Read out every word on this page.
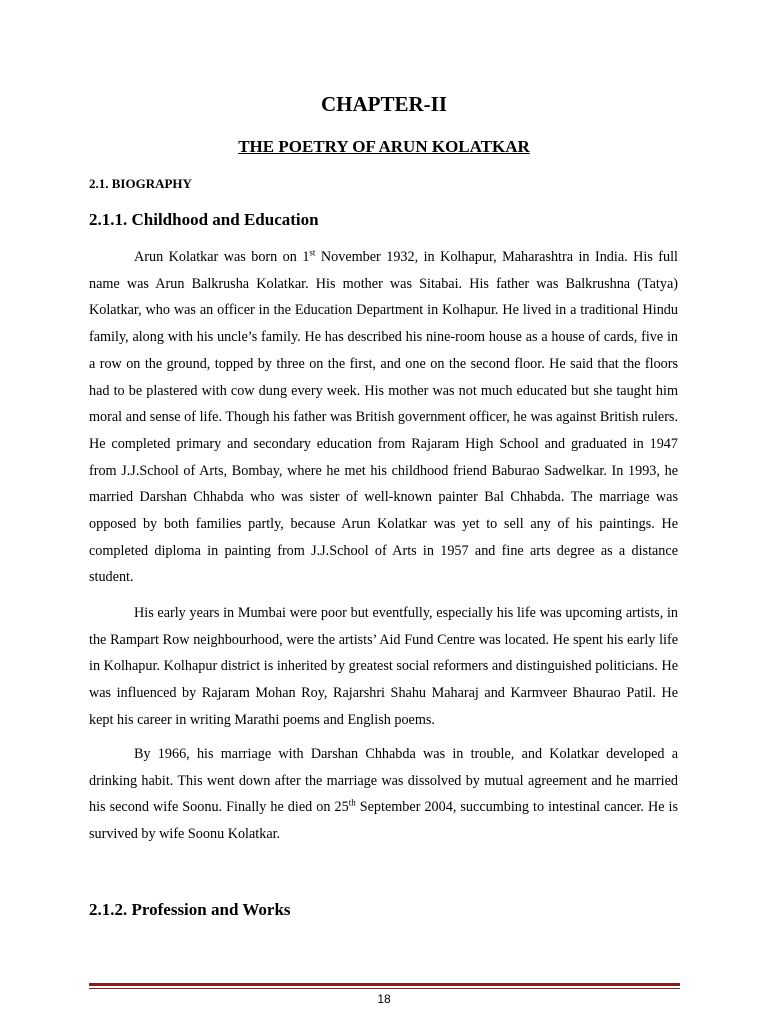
CHAPTER-II
THE POETRY OF ARUN KOLATKAR
2.1. BIOGRAPHY
2.1.1. Childhood and Education

Arun Kolatkar was born on 1st November 1932, in Kolhapur, Maharashtra in India. His full name was Arun Balkrusha Kolatkar. His mother was Sitabai. His father was Balkrushna (Tatya) Kolatkar, who was an officer in the Education Department in Kolhapur. He lived in a traditional Hindu family, along with his uncle’s family. He has described his nine-room house as a house of cards, five in a row on the ground, topped by three on the first, and one on the second floor. He said that the floors had to be plastered with cow dung every week. His mother was not much educated but she taught him moral and sense of life. Though his father was British government officer, he was against British rulers. He completed primary and secondary education from Rajaram High School and graduated in 1947 from J.J.School of Arts, Bombay, where he met his childhood friend Baburao Sadwelkar. In 1993, he married Darshan Chhabda who was sister of well-known painter Bal Chhabda. The marriage was opposed by both families partly, because Arun Kolatkar was yet to sell any of his paintings. He completed diploma in painting from J.J.School of Arts in 1957 and fine arts degree as a distance student.

His early years in Mumbai were poor but eventfully, especially his life was upcoming artists, in the Rampart Row neighbourhood, were the artists’ Aid Fund Centre was located. He spent his early life in Kolhapur. Kolhapur district is inherited by greatest social reformers and distinguished politicians. He was influenced by Rajaram Mohan Roy, Rajarshri Shahu Maharaj and Karmveer Bhaurao Patil. He kept his career in writing Marathi poems and English poems.

By 1966, his marriage with Darshan Chhabda was in trouble, and Kolatkar developed a drinking habit. This went down after the marriage was dissolved by mutual agreement and he married his second wife Soonu. Finally he died on 25th September 2004, succumbing to intestinal cancer. He is survived by wife Soonu Kolatkar.

2.1.2. Profession and Works
18
